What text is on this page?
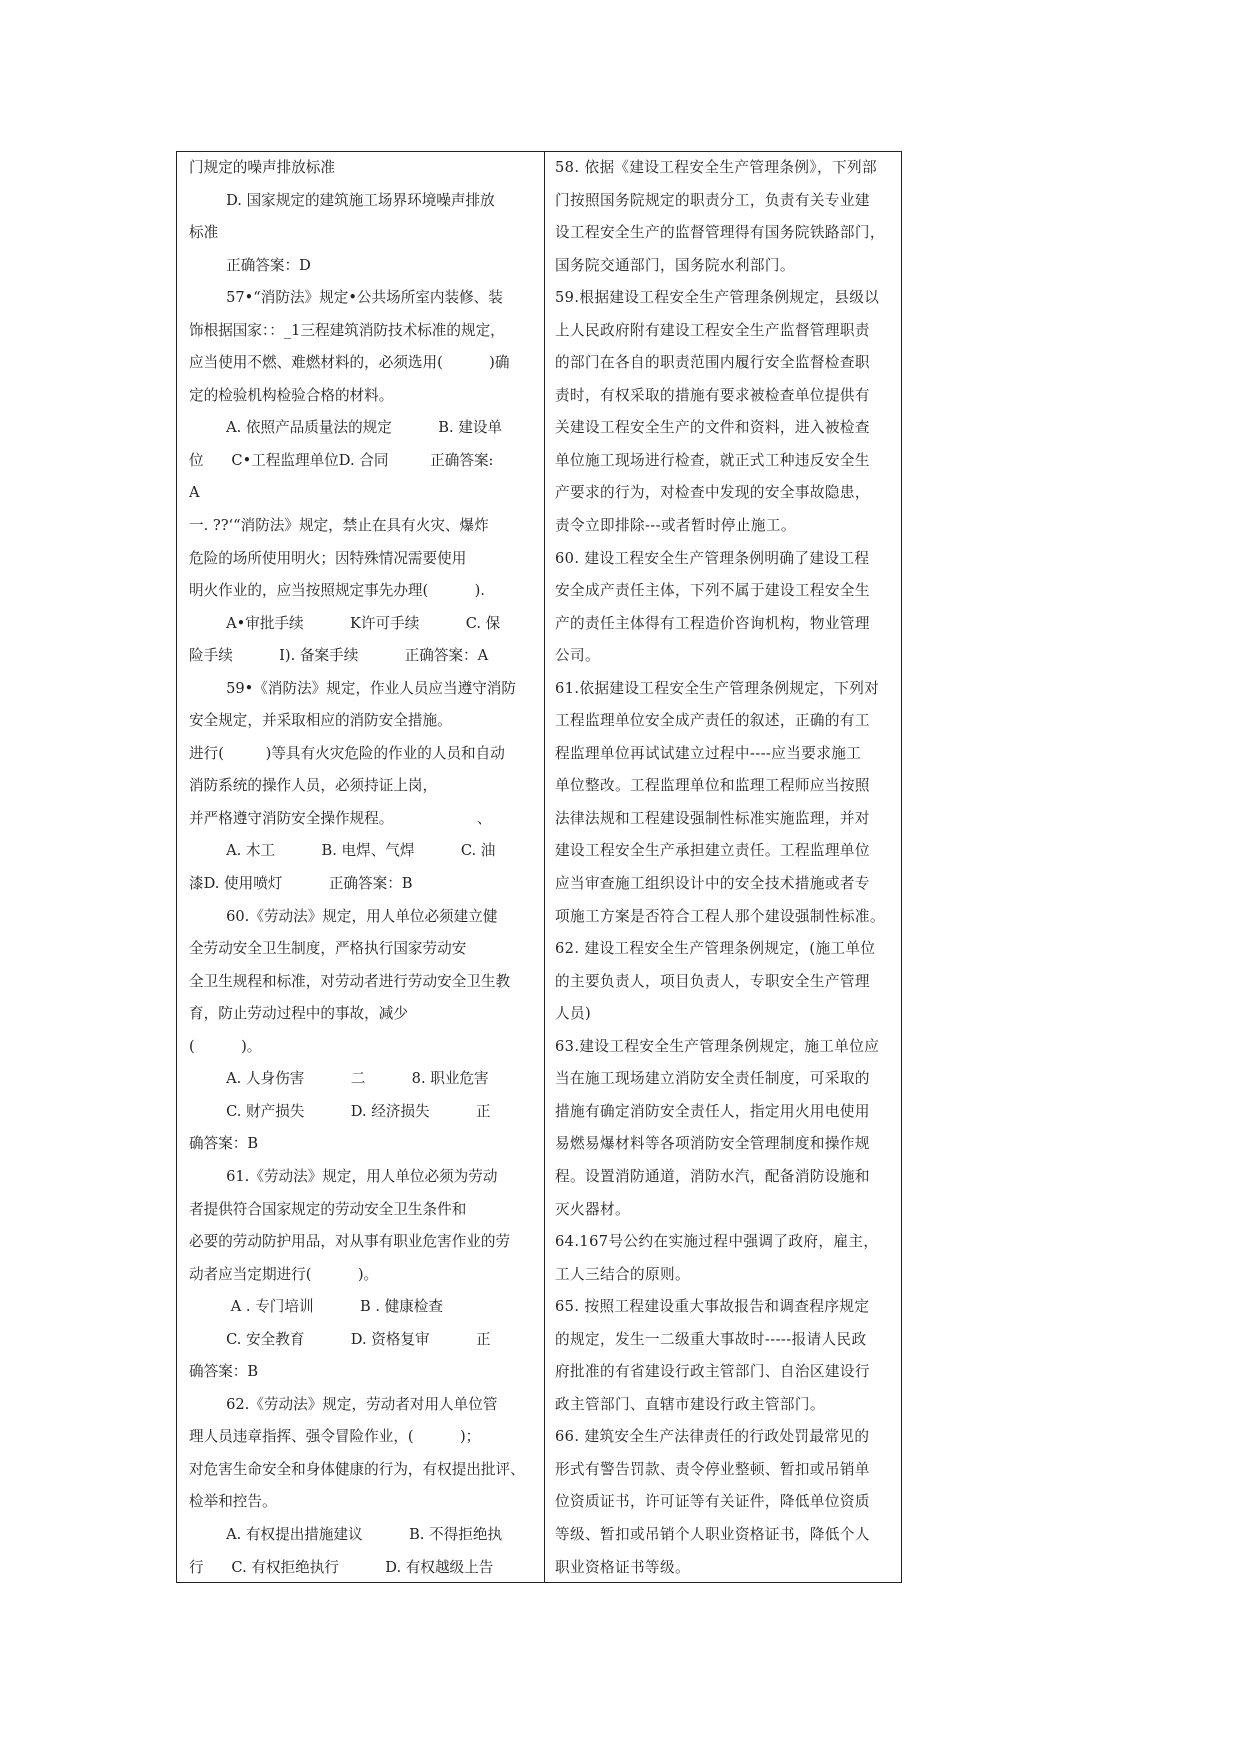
门规定的噪声排放标准
D. 国家规定的建筑施工场界环境噪声排放
标准
正确答案：D
57•“消防法》规定•公共场所室内装修、装
饰根据国家：：_1三程建筑消防技术标准的规定，
应当使用不燃、难燃材料的，必须选用(          )确
定的检验机构检验合格的材料。
A. 依照产品质量法的规定          B. 建设单
位      C•工程监理单位D. 合同         正确答案:
A
一. ??‘“消防法》规定，禁止在具有火灾、爆炸
危险的场所使用明火；因特殊情况需要使用
明火作业的，应当按照规定事先办理(          ).
A•审批手续          K许可手续          C. 保
险手续          I). 备案手续          正确答案：A
59•《消防法》规定，作业人员应当遵守消防
安全规定，并采取相应的消防安全措施。
进行(         )等具有火灾危险的作业的人员和自动
消防系统的操作人员，必须持证上岗，
并严格遵守消防安全操作规程。                  、
A. 木工          B. 电焊、气焊          C. 油
漆D. 使用喷灯          正确答案：B
60.《劳动法》规定，用人单位必须建立健
全劳动安全卫生制度，严格执行国家劳动安
全卫生规程和标准，对劳动者进行劳动安全卫生教
育，防止劳动过程中的事故，减少
(          )。
A. 人身伤害          二          8. 职业危害
C. 财产损失          D. 经济损失          正
确答案：B
61.《劳动法》规定，用人单位必须为劳动
者提供符合国家规定的劳动安全卫生条件和
必要的劳动防护用品，对从事有职业危害作业的劳
动者应当定期进行(          )。
A . 专门培训          B . 健康检查
C. 安全教育          D. 资格复审          正
确答案：B
62.《劳动法》规定，劳动者对用人单位管
理人员违章指挥、强令冒险作业，(          )；
对危害生命安全和身体健康的行为，有权提出批评、
检举和控告。
A. 有权提出措施建议          B. 不得拒绝执
行      C. 有权拒绝执行          D. 有权越级上告
58. 依据《建设工程安全生产管理条例》，下列部
门按照国务院规定的职责分工，负责有关专业建
设工程安全生产的监督管理得有国务院铁路部门，
国务院交通部门，国务院水利部门。
59.根据建设工程安全生产管理条例规定，县级以
上人民政府附有建设工程安全生产监督管理职责
的部门在各自的职责范围内履行安全监督检查职
责时，有权采取的措施有要求被检查单位提供有
关建设工程安全生产的文件和资料，进入被检查
单位施工现场进行检查，就正式工种违反安全生
产要求的行为，对检查中发现的安全事故隐患，
责令立即排除---或者暂时停止施工。
60. 建设工程安全生产管理条例明确了建设工程
安全成产责任主体，下列不属于建设工程安全生
产的责任主体得有工程造价咨询机构，物业管理
公司。
61.依据建设工程安全生产管理条例规定，下列对
工程监理单位安全成产责任的叙述，正确的有工
程监理单位再试试建立过程中----应当要求施工
单位整改。工程监理单位和监理工程师应当按照
法律法规和工程建设强制性标准实施监理，并对
建设工程安全生产承担建立责任。工程监理单位
应当审查施工组织设计中的安全技术措施或者专
项施工方案是否符合工程人那个建设强制性标准。
62. 建设工程安全生产管理条例规定，(施工单位
的主要负责人，项目负责人，专职安全生产管理
人员)
63.建设工程安全生产管理条例规定，施工单位应
当在施工现场建立消防安全责任制度，可采取的
措施有确定消防安全责任人，指定用火用电使用
易燃易爆材料等各项消防安全管理制度和操作规
程。设置消防通道，消防水汽，配备消防设施和
灭火器材。
64.167号公约在实施过程中强调了政府，雇主，
工人三结合的原则。
65. 按照工程建设重大事故报告和调查程序规定
的规定，发生一二级重大事故时-----报请人民政
府批准的有省建设行政主管部门、自治区建设行
政主管部门、直辖市建设行政主管部门。
66. 建筑安全生产法律责任的行政处罚最常见的
形式有警告罚款、责令停业整顿、暂扣或吊销单
位资质证书，许可证等有关证件，降低单位资质
等级、暂扣或吊销个人职业资格证书，降低个人
职业资格证书等级。
